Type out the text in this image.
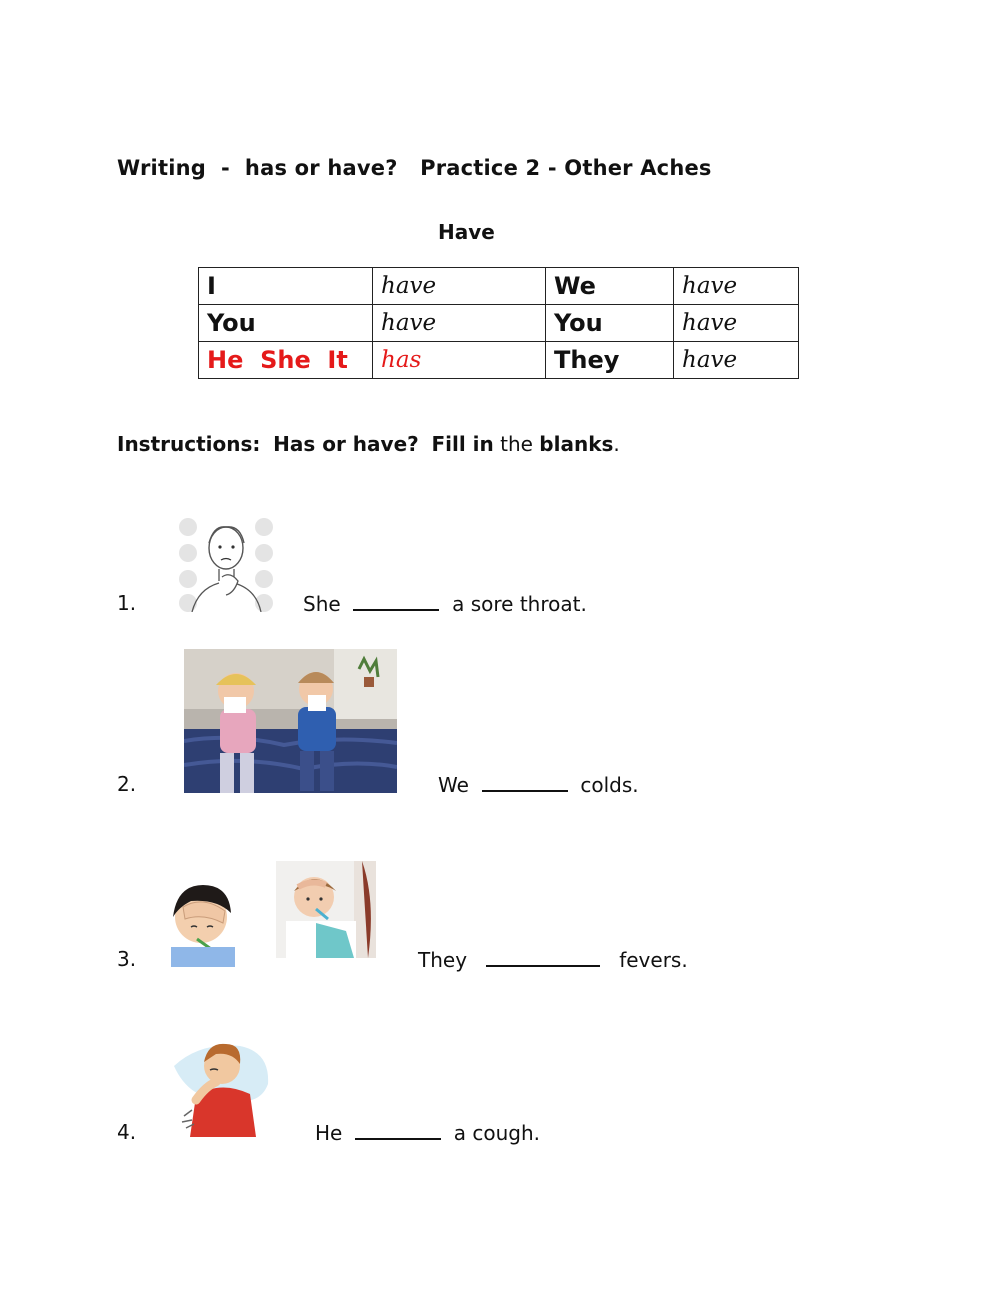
Writing  -  has or have?   Practice 2 - Other Aches
Have
I	have	We	have
You	have	You	have
He  She  It	has	They	have
Instructions: Has or have? Fill in the blanks.
1.	She	a sore throat.
2.	We	colds.
3.	They	fevers.
4.	He	a cough.
